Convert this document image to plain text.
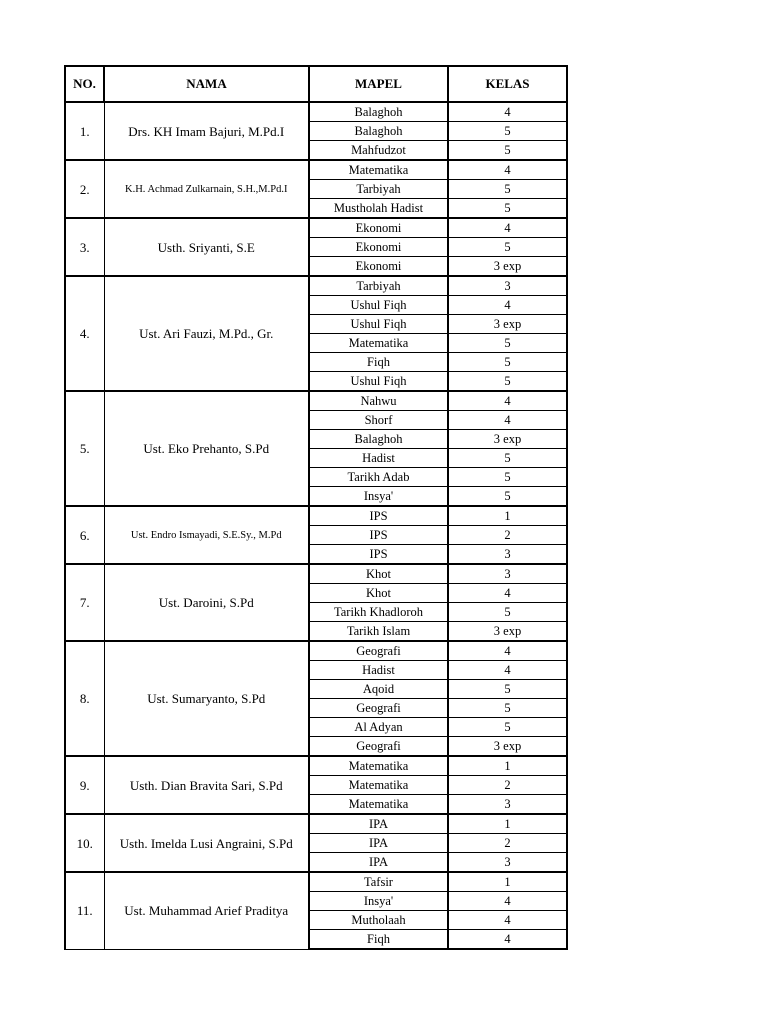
NO.	NAMA	MAPEL	KELAS
1.	Drs. KH Imam Bajuri, M.Pd.I	Balaghoh	4
		Balaghoh	5
		Mahfudzot	5
2.	K.H. Achmad Zulkarnain, S.H.,M.Pd.I	Matematika	4
		Tarbiyah	5
		Mustholah Hadist	5
3.	Usth. Sriyanti, S.E	Ekonomi	4
		Ekonomi	5
		Ekonomi	3 exp
4.	Ust. Ari Fauzi, M.Pd., Gr.	Tarbiyah	3
		Ushul Fiqh	4
		Ushul Fiqh	3 exp
		Matematika	5
		Fiqh	5
		Ushul Fiqh	5
5.	Ust. Eko Prehanto, S.Pd	Nahwu	4
		Shorf	4
		Balaghoh	3 exp
		Hadist	5
		Tarikh Adab	5
		Insya'	5
6.	Ust. Endro Ismayadi, S.E.Sy., M.Pd	IPS	1
		IPS	2
		IPS	3
7.	Ust. Daroini, S.Pd	Khot	3
		Khot	4
		Tarikh Khadloroh	5
		Tarikh Islam	3 exp
8.	Ust. Sumaryanto, S.Pd	Geografi	4
		Hadist	4
		Aqoid	5
		Geografi	5
		Al Adyan	5
		Geografi	3 exp
9.	Usth. Dian Bravita Sari, S.Pd	Matematika	1
		Matematika	2
		Matematika	3
10.	Usth. Imelda Lusi Angraini, S.Pd	IPA	1
		IPA	2
		IPA	3
11.	Ust. Muhammad Arief Praditya	Tafsir	1
		Insya'	4
		Mutholaah	4
		Fiqh	4
